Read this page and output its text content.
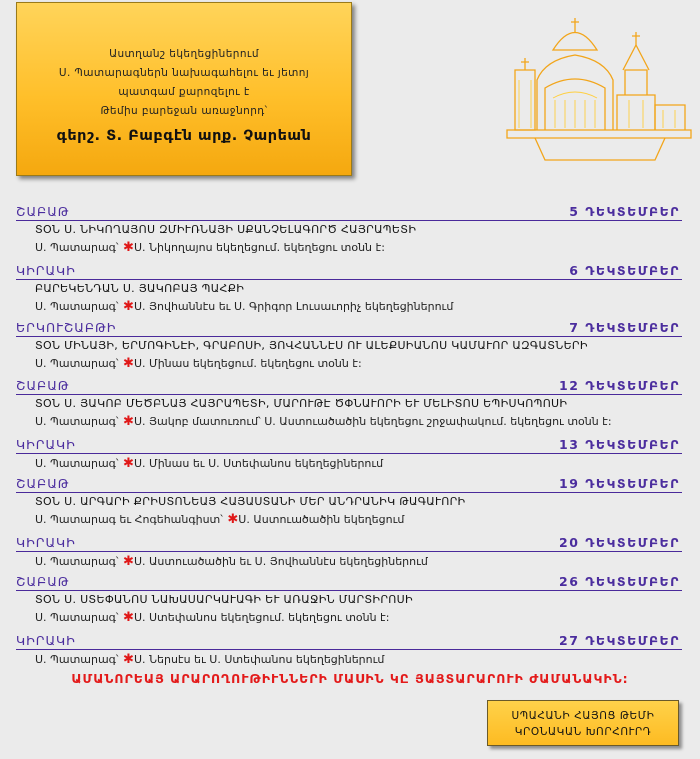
Աստղանշ եկեղեցիներում
Ս. Պատարագներն նախագահելու եւ յետոյ
պատգամ քարոզելու է
Թեմիս բարեջան առաջնորդ՝
գերշ. Տ. Բաբգէն արք. Չարեան
ՇԱԲԱԹ	5 ԴԵԿՏԵՄԲԵՐ
ՏՕՆ Ս. ՆԻԿՈՂԱՅՈՍ ԶՄԻՒՌՆԱՅԻ ՍՔԱՆՉԵԼԱԳՈՐԾ ՀԱՅՐԱՊԵՏԻ
Ս. Պատարագ՝ ✱Ս. Նիկողայոս եկեղեցում. եկեղեցու տօնն է:
ԿԻՐԱԿԻ	6 ԴԵԿՏԵՄԲԵՐ
ԲԱՐԵԿԵՆԴԱՆ Ս. ՅԱԿՈԲԱՅ ՊԱՀՔԻ
Ս. Պատարագ՝ ✱Ս. Յովհաննէս եւ Ս. Գրիգոր Լուսաւորիչ եկեղեցիներում
ԵՐԿՈՒՇԱԲԹԻ	7 ԴԵԿՏԵՄԲԵՐ
ՏՕՆ ՄԻՆԱՅԻ, ԵՐՄՈԳԻՆԷԻ, ԳՐԱԲՈՍԻ, ՅՈՎՀԱՆՆԷՍ ՈՒ ԱԼԵՔՍԻԱՆՈՍ ԿԱՄԱՒՈՐ ԱԶԳԱՏՆԵՐԻ
Ս. Պատարագ՝ ✱Ս. Մինաս եկեղեցում. եկեղեցու տօնն է:
ՇԱԲԱԹ	12 ԴԵԿՏԵՄԲԵՐ
ՏՕՆ Ս. ՅԱԿՈԲ ՄԵԾԲՆԱՅ ՀԱՅՐԱՊԵՏԻ, ՄԱՐՈՒԹԷ ԾՓՆԱՒՈՐԻ ԵՒ ՄԵԼԻՏՈՍ ԵՊԻՍԿՈՊՈՍԻ
Ս. Պատարագ՝ ✱Ս. Յակոբ մատուռում՝ Ս. Աստուածածին եկեղեցու շրջափակում. եկեղեցու տօնն է:
ԿԻՐԱԿԻ	13 ԴԵԿՏԵՄԲԵՐ
Ս. Պատարագ՝ ✱Ս. Մինաս եւ Ս. Ստեփանոս եկեղեցիներում
ՇԱԲԱԹ	19 ԴԵԿՏԵՄԲԵՐ
ՏՕՆ Ս. ԱՐԳԱՐԻ ՔՐԻՍՏՈՆԵԱՅ ՀԱՅԱՍՏԱՆԻ ՄԵՐ ԱՆԴՐԱՆԻԿ ԹԱԳԱՒՈՐԻ
Ս. Պատարագ եւ Հոգեհանգիստ՝ ✱Ս. Աստուածածին եկեղեցում
ԿԻՐԱԿԻ	20 ԴԵԿՏԵՄԲԵՐ
Ս. Պատարագ՝ ✱Ս. Աստուածածին եւ Ս. Յովհաննէս եկեղեցիներում
ՇԱԲԱԹ	26 ԴԵԿՏԵՄԲԵՐ
ՏՕՆ Ս. ՍՏԵՓԱՆՈՍ ՆԱԽԱՍԱՐԿԱՒԱԳԻ ԵՒ ԱՌԱՋԻՆ ՄԱՐՏԻՐՈՍԻ
Ս. Պատարագ՝ ✱Ս. Ստեփանոս եկեղեցում. եկեղեցու տօնն է:
ԿԻՐԱԿԻ	27 ԴԵԿՏԵՄԲԵՐ
Ս. Պատարագ՝ ✱Ս. Ներսէս եւ Ս. Ստեփանոս եկեղեցիներում
ԱՄԱՆՈՐԵԱՅ ԱՐԱՐՈՂՈՒԹԻՒՆՆԵՐԻ ՄԱՍԻՆ ԿԸ ՅԱՅՏԱՐԱՐՈՒԻ ԺԱՄԱՆԱԿԻՆ:
ՍՊԱՀԱՆԻ ՀԱՅՈՑ ԹԵՄԻ
ԿՐՕՆԱԿԱՆ ԽՈՐՀՈՒՐԴ
